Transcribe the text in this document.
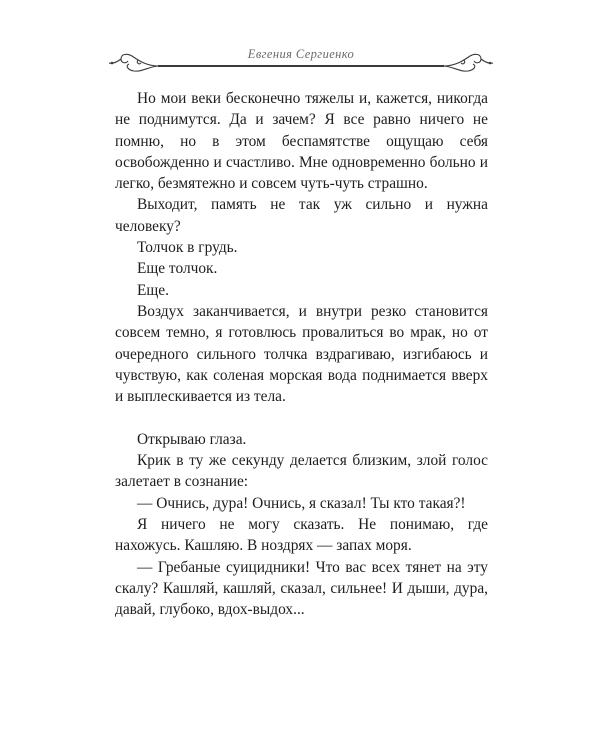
Евгения Сергиенко

Но мои веки бесконечно тяжелы и, кажется, никогда не поднимутся. Да и зачем? Я все равно ничего не помню, но в этом беспамятстве ощущаю себя освобожденно и счастливо. Мне одновременно больно и легко, безмятежно и совсем чуть-чуть страшно.

Выходит, память не так уж сильно и нужна человеку?

Толчок в грудь.

Еще толчок.

Еще.

Воздух заканчивается, и внутри резко становится совсем темно, я готовлюсь провалиться во мрак, но от очередного сильного толчка вздрагиваю, изгибаюсь и чувствую, как соленая морская вода поднимается вверх и выплескивается из тела.

Открываю глаза.

Крик в ту же секунду делается близким, злой голос залетает в сознание:

— Очнись, дура! Очнись, я сказал! Ты кто такая?!

Я ничего не могу сказать. Не понимаю, где нахожусь. Кашляю. В ноздрях — запах моря.

— Гребаные суицидники! Что вас всех тянет на эту скалу? Кашляй, кашляй, сказал, сильнее! И дыши, дура, давай, глубоко, вдох-выдох...
